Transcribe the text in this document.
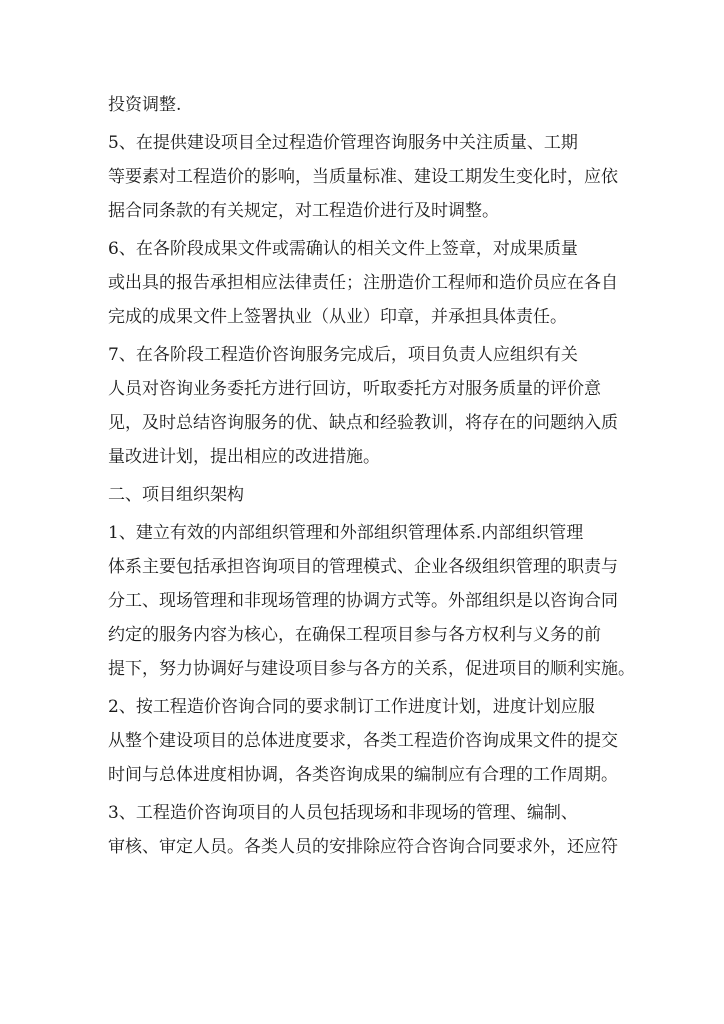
投资调整.
5、在提供建设项目全过程造价管理咨询服务中关注质量、工期
等要素对工程造价的影响，当质量标准、建设工期发生变化时，应依
据合同条款的有关规定，对工程造价进行及时调整。
6、在各阶段成果文件或需确认的相关文件上签章，对成果质量
或出具的报告承担相应法律责任；注册造价工程师和造价员应在各自
完成的成果文件上签署执业（从业）印章，并承担具体责任。
7、在各阶段工程造价咨询服务完成后，项目负责人应组织有关
人员对咨询业务委托方进行回访，听取委托方对服务质量的评价意
见，及时总结咨询服务的优、缺点和经验教训，将存在的问题纳入质
量改进计划，提出相应的改进措施。
二、项目组织架构
1、建立有效的内部组织管理和外部组织管理体系.内部组织管理
体系主要包括承担咨询项目的管理模式、企业各级组织管理的职责与
分工、现场管理和非现场管理的协调方式等。外部组织是以咨询合同
约定的服务内容为核心，在确保工程项目参与各方权利与义务的前
提下，努力协调好与建设项目参与各方的关系，促进项目的顺利实施。
2、按工程造价咨询合同的要求制订工作进度计划，进度计划应服
从整个建设项目的总体进度要求，各类工程造价咨询成果文件的提交
时间与总体进度相协调，各类咨询成果的编制应有合理的工作周期。
3、工程造价咨询项目的人员包括现场和非现场的管理、编制、
审核、审定人员。各类人员的安排除应符合咨询合同要求外，还应符
